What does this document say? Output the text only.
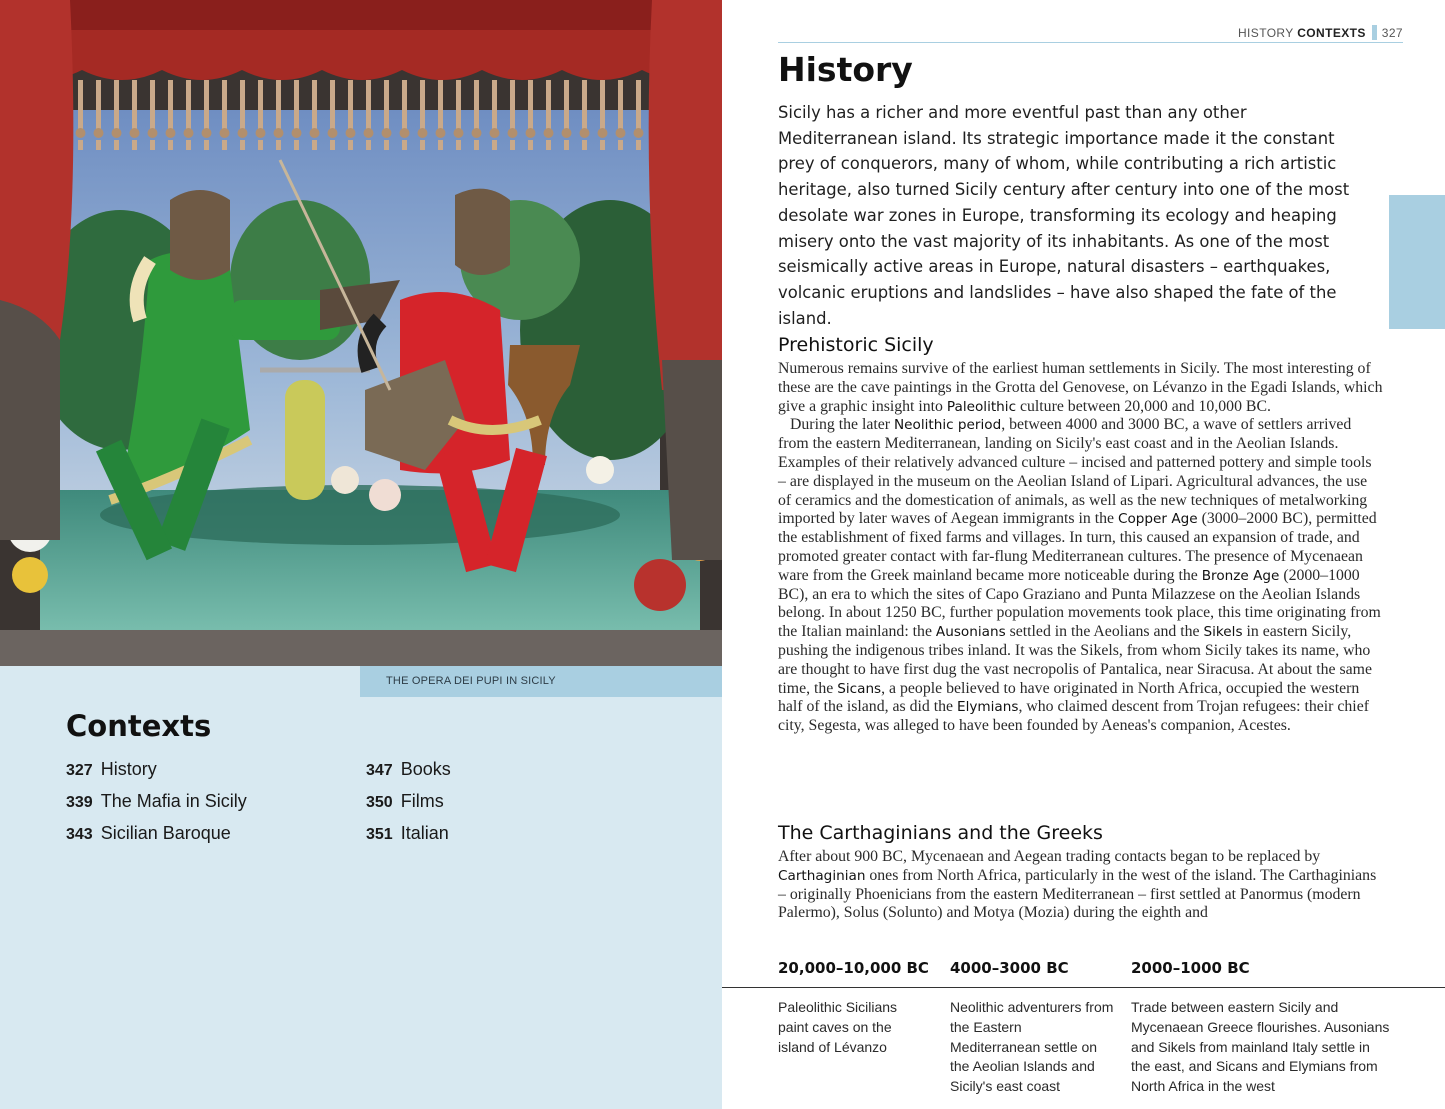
THE OPERA DEI PUPI IN SICILY
Contexts
327 History
339 The Mafia in Sicily
343 Sicilian Baroque
347 Books
350 Films
351 Italian
HISTORY CONTEXTS 327
History

Sicily has a richer and more eventful past than any other Mediterranean island. Its strategic importance made it the constant prey of conquerors, many of whom, while contributing a rich artistic heritage, also turned Sicily century after century into one of the most desolate war zones in Europe, transforming its ecology and heaping misery onto the vast majority of its inhabitants. As one of the most seismically active areas in Europe, natural disasters – earthquakes, volcanic eruptions and landslides – have also shaped the fate of the island.

Prehistoric Sicily
Numerous remains survive of the earliest human settlements in Sicily. The most interesting of these are the cave paintings in the Grotta del Genovese, on Lévanzo in the Egadi Islands, which give a graphic insight into Paleolithic culture between 20,000 and 10,000 BC.
During the later Neolithic period, between 4000 and 3000 BC, a wave of settlers arrived from the eastern Mediterranean, landing on Sicily's east coast and in the Aeolian Islands. Examples of their relatively advanced culture – incised and patterned pottery and simple tools – are displayed in the museum on the Aeolian Island of Lipari. Agricultural advances, the use of ceramics and the domestication of animals, as well as the new techniques of metalworking imported by later waves of Aegean immigrants in the Copper Age (3000–2000 BC), permitted the establishment of fixed farms and villages. In turn, this caused an expansion of trade, and promoted greater contact with far-flung Mediterranean cultures. The presence of Mycenaean ware from the Greek mainland became more noticeable during the Bronze Age (2000–1000 BC), an era to which the sites of Capo Graziano and Punta Milazzese on the Aeolian Islands belong. In about 1250 BC, further population movements took place, this time originating from the Italian mainland: the Ausonians settled in the Aeolians and the Sikels in eastern Sicily, pushing the indigenous tribes inland. It was the Sikels, from whom Sicily takes its name, who are thought to have first dug the vast necropolis of Pantalica, near Siracusa. At about the same time, the Sicans, a people believed to have originated in North Africa, occupied the western half of the island, as did the Elymians, who claimed descent from Trojan refugees: their chief city, Segesta, was alleged to have been founded by Aeneas's companion, Acestes.
The Carthaginians and the Greeks
After about 900 BC, Mycenaean and Aegean trading contacts began to be replaced by Carthaginian ones from North Africa, particularly in the west of the island. The Carthaginians – originally Phoenicians from the eastern Mediterranean – first settled at Panormus (modern Palermo), Solus (Solunto) and Motya (Mozia) during the eighth and
20,000–10,000 BC 4000–3000 BC	2000–1000 BC
Paleolithic Sicilians paint caves on the island of Lévanzo
Neolithic adventurers from the Eastern Mediterranean settle on the Aeolian Islands and Sicily's east coast
Trade between eastern Sicily and Mycenaean Greece flourishes. Ausonians and Sikels from mainland Italy settle in the east, and Sicans and Elymians from North Africa in the west
